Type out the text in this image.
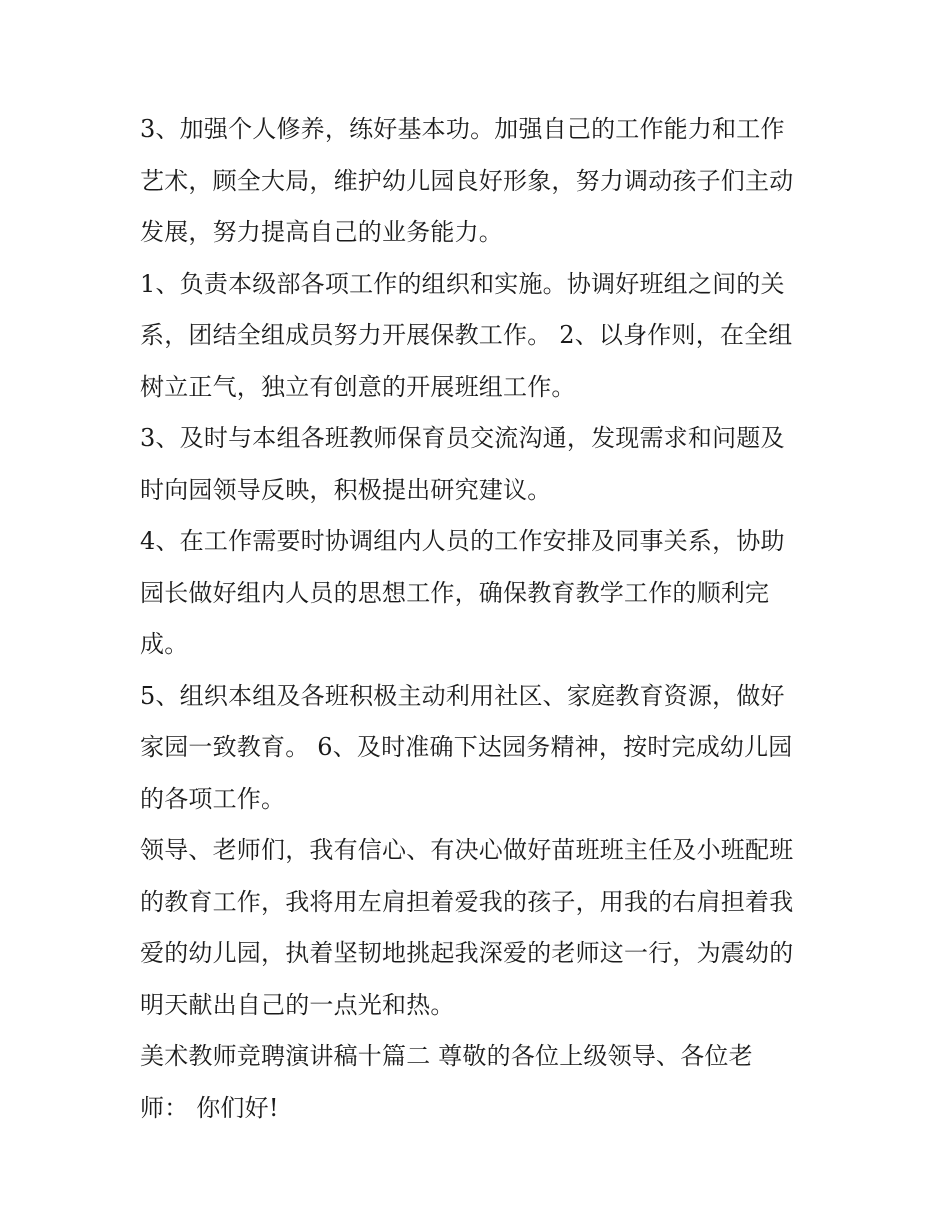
3、加强个人修养，练好基本功。加强自己的工作能力和工作
艺术，顾全大局，维护幼儿园良好形象，努力调动孩子们主动
发展，努力提高自己的业务能力。

1、负责本级部各项工作的组织和实施。协调好班组之间的关
系，团结全组成员努力开展保教工作。 2、以身作则，在全组
树立正气，独立有创意的开展班组工作。

3、及时与本组各班教师保育员交流沟通，发现需求和问题及
时向园领导反映，积极提出研究建议。

4、在工作需要时协调组内人员的工作安排及同事关系，协助
园长做好组内人员的思想工作，确保教育教学工作的顺利完
成。

5、组织本组及各班积极主动利用社区、家庭教育资源，做好
家园一致教育。 6、及时准确下达园务精神，按时完成幼儿园
的各项工作。

领导、老师们，我有信心、有决心做好苗班班主任及小班配班
的教育工作，我将用左肩担着爱我的孩子，用我的右肩担着我
爱的幼儿园，执着坚韧地挑起我深爱的老师这一行，为震幼的
明天献出自己的一点光和热。

美术教师竞聘演讲稿十篇二 尊敬的各位上级领导、各位老
师： 你们好!
